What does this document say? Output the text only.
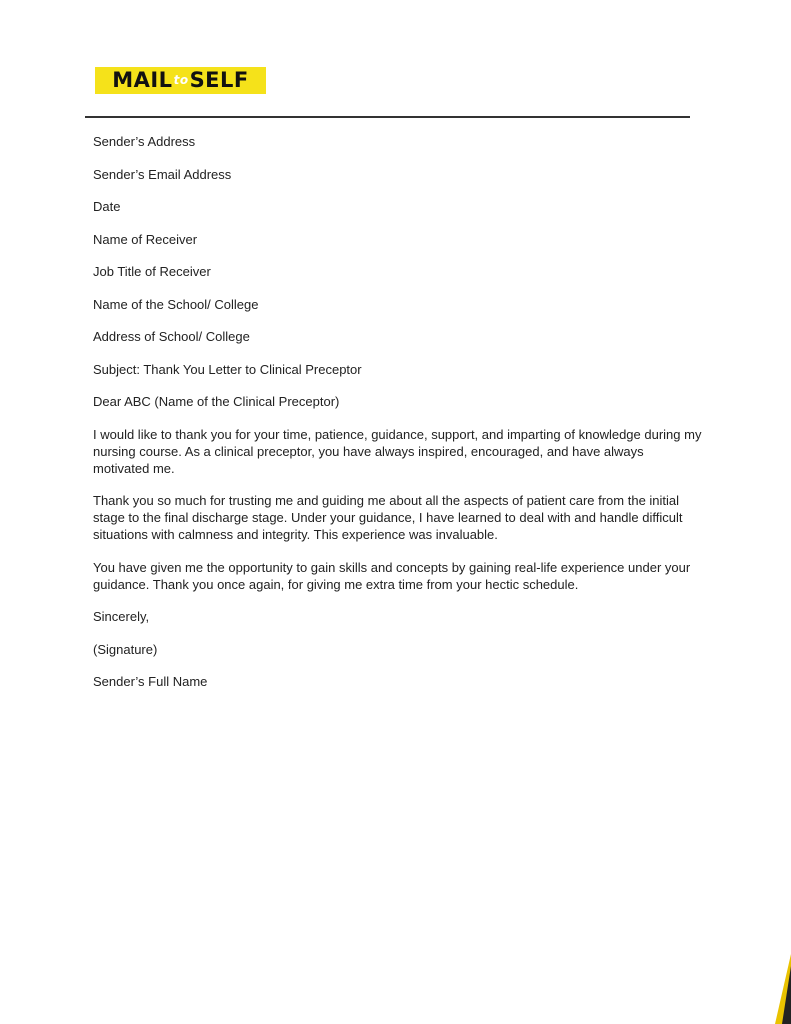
MAILtoSELF

Sender’s Address

Sender’s Email Address

Date

Name of Receiver

Job Title of Receiver

Name of the School/ College

Address of School/ College

Subject: Thank You Letter to Clinical Preceptor

Dear ABC (Name of the Clinical Preceptor)

I would like to thank you for your time, patience, guidance, support, and imparting of knowledge during my nursing course. As a clinical preceptor, you have always inspired, encouraged, and have always motivated me.

Thank you so much for trusting me and guiding me about all the aspects of patient care from the initial stage to the final discharge stage. Under your guidance, I have learned to deal with and handle difficult situations with calmness and integrity. This experience was invaluable.

You have given me the opportunity to gain skills and concepts by gaining real-life experience under your guidance. Thank you once again, for giving me extra time from your hectic schedule.

Sincerely,

(Signature)

Sender’s Full Name
